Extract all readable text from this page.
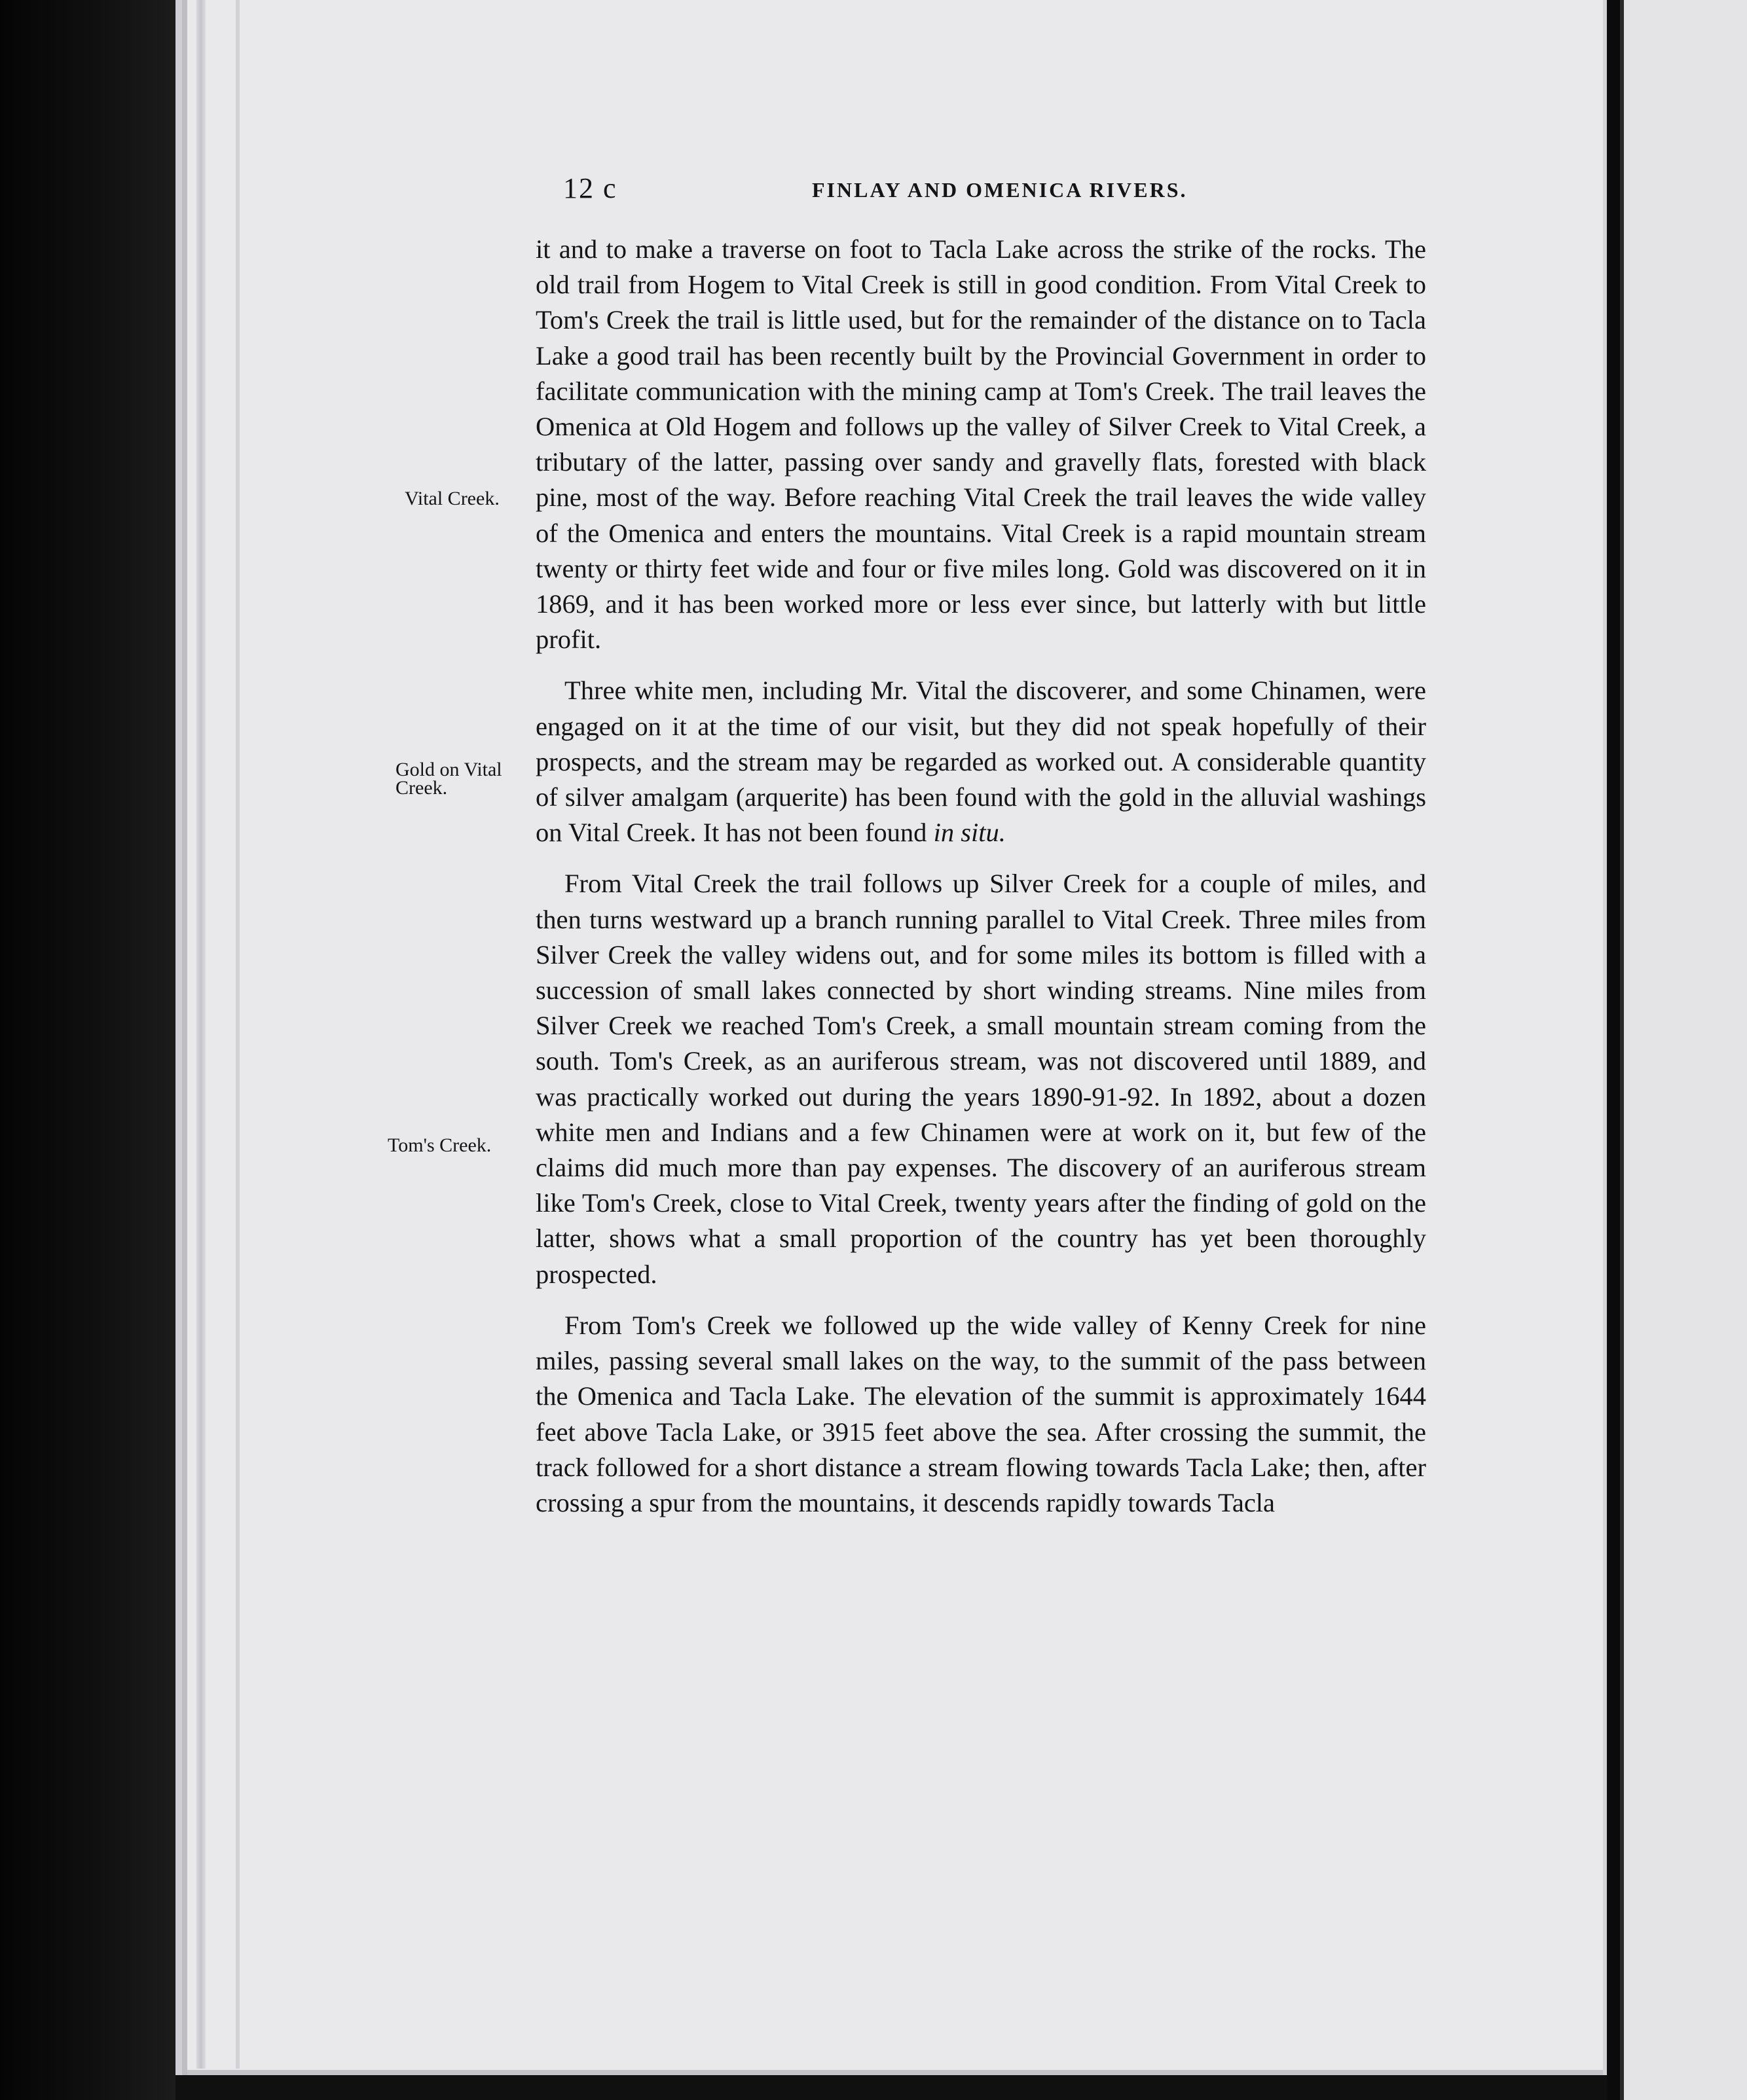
12 c	FINLAY AND OMENICA RIVERS.
Vital Creek.
Gold on Vital Creek.
Tom's Creek.

it and to make a traverse on foot to Tacla Lake across the strike of the rocks. The old trail from Hogem to Vital Creek is still in good condition. From Vital Creek to Tom's Creek the trail is little used, but for the remainder of the distance on to Tacla Lake a good trail has been recently built by the Provincial Government in order to facilitate communication with the mining camp at Tom's Creek. The trail leaves the Omenica at Old Hogem and follows up the valley of Silver Creek to Vital Creek, a tributary of the latter, passing over sandy and gravelly flats, forested with black pine, most of the way. Before reaching Vital Creek the trail leaves the wide valley of the Omenica and enters the mountains. Vital Creek is a rapid mountain stream twenty or thirty feet wide and four or five miles long. Gold was discovered on it in 1869, and it has been worked more or less ever since, but latterly with but little profit.

Three white men, including Mr. Vital the discoverer, and some Chinamen, were engaged on it at the time of our visit, but they did not speak hopefully of their prospects, and the stream may be regarded as worked out. A considerable quantity of silver amalgam (arquerite) has been found with the gold in the alluvial washings on Vital Creek. It has not been found in situ.

From Vital Creek the trail follows up Silver Creek for a couple of miles, and then turns westward up a branch running parallel to Vital Creek. Three miles from Silver Creek the valley widens out, and for some miles its bottom is filled with a succession of small lakes connected by short winding streams. Nine miles from Silver Creek we reached Tom's Creek, a small mountain stream coming from the south. Tom's Creek, as an auriferous stream, was not discovered until 1889, and was practically worked out during the years 1890-91-92. In 1892, about a dozen white men and Indians and a few Chinamen were at work on it, but few of the claims did much more than pay expenses. The discovery of an auriferous stream like Tom's Creek, close to Vital Creek, twenty years after the finding of gold on the latter, shows what a small proportion of the country has yet been thoroughly prospected.

From Tom's Creek we followed up the wide valley of Kenny Creek for nine miles, passing several small lakes on the way, to the summit of the pass between the Omenica and Tacla Lake. The elevation of the summit is approximately 1644 feet above Tacla Lake, or 3915 feet above the sea. After crossing the summit, the track followed for a short distance a stream flowing towards Tacla Lake; then, after crossing a spur from the mountains, it descends rapidly towards Tacla
